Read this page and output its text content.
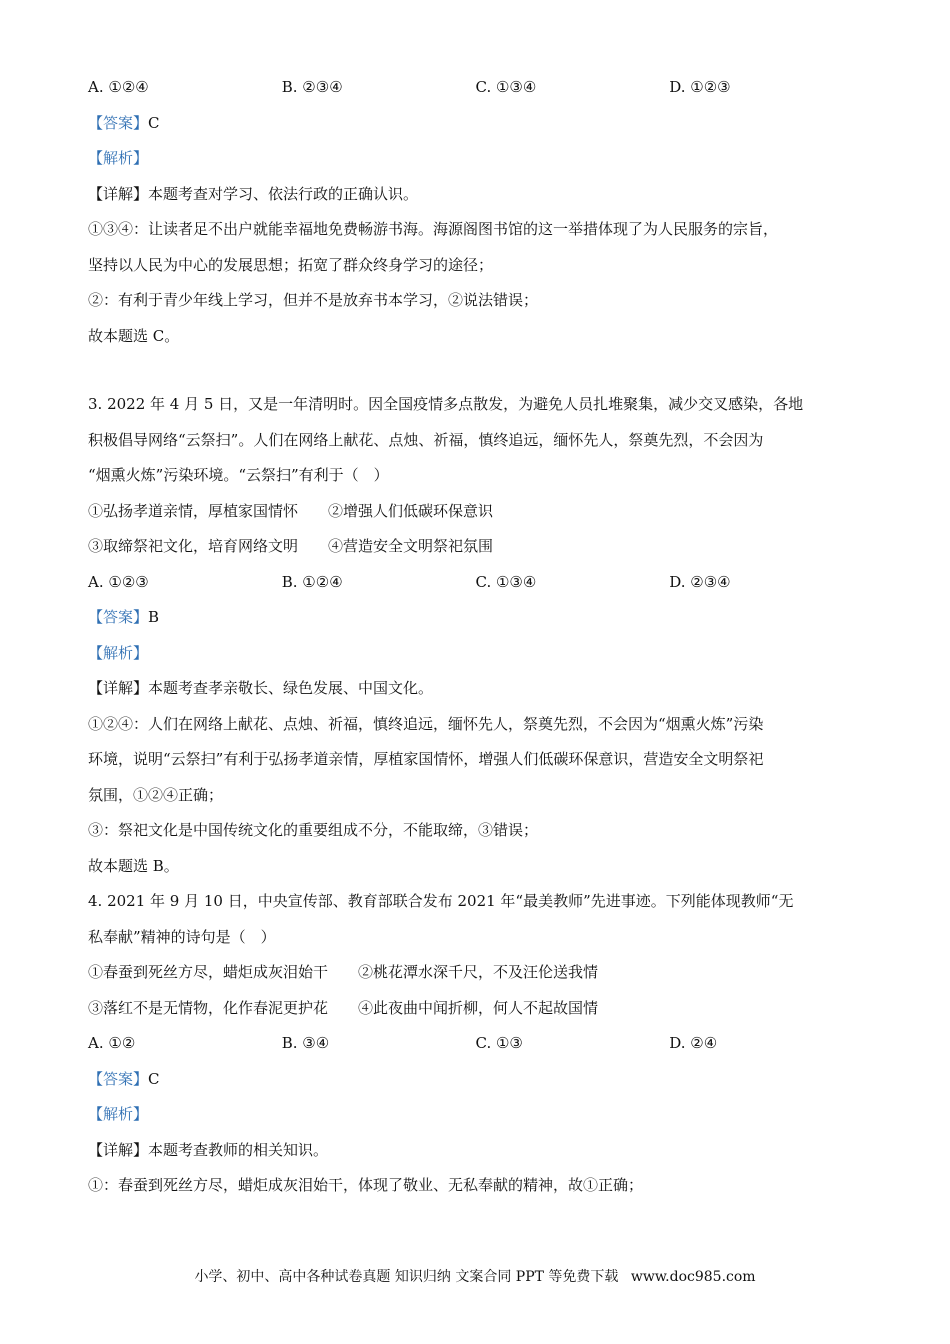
A. ①②④	B. ②③④	C. ①③④	D. ①②③
【答案】C
【解析】
【详解】本题考查对学习、依法行政的正确认识。
①③④：让读者足不出户就能幸福地免费畅游书海。海源阁图书馆的这一举措体现了为人民服务的宗旨，
坚持以人民为中心的发展思想；拓宽了群众终身学习的途径；
②：有利于青少年线上学习，但并不是放弃书本学习，②说法错误；
故本题选 C。
3. 2022 年 4 月 5 日，又是一年清明时。因全国疫情多点散发，为避免人员扎堆聚集，减少交叉感染，各地
积极倡导网络“云祭扫”。人们在网络上献花、点烛、祈福，慎终追远，缅怀先人，祭奠先烈，不会因为
“烟熏火炼”污染环境。“云祭扫”有利于（　）
①弘扬孝道亲情，厚植家国情怀　　②增强人们低碳环保意识
③取缔祭祀文化，培育网络文明　　④营造安全文明祭祀氛围
A. ①②③	B. ①②④	C. ①③④	D. ②③④
【答案】B
【解析】
【详解】本题考查孝亲敬长、绿色发展、中国文化。
①②④：人们在网络上献花、点烛、祈福，慎终追远，缅怀先人，祭奠先烈，不会因为“烟熏火炼”污染
环境，说明“云祭扫”有利于弘扬孝道亲情，厚植家国情怀，增强人们低碳环保意识，营造安全文明祭祀
氛围，①②④正确；
③：祭祀文化是中国传统文化的重要组成不分，不能取缔，③错误；
故本题选 B。
4. 2021 年 9 月 10 日，中央宣传部、教育部联合发布 2021 年“最美教师”先进事迹。下列能体现教师“无
私奉献”精神的诗句是（　）
①春蚕到死丝方尽，蜡炬成灰泪始干　　②桃花潭水深千尺，不及汪伦送我情
③落红不是无情物，化作春泥更护花　　④此夜曲中闻折柳，何人不起故国情
A. ①②	B. ③④	C. ①③	D. ②④
【答案】C
【解析】
【详解】本题考查教师的相关知识。
①：春蚕到死丝方尽，蜡炬成灰泪始干，体现了敬业、无私奉献的精神，故①正确；
小学、初中、高中各种试卷真题 知识归纳 文案合同 PPT 等免费下载 www.doc985.com
